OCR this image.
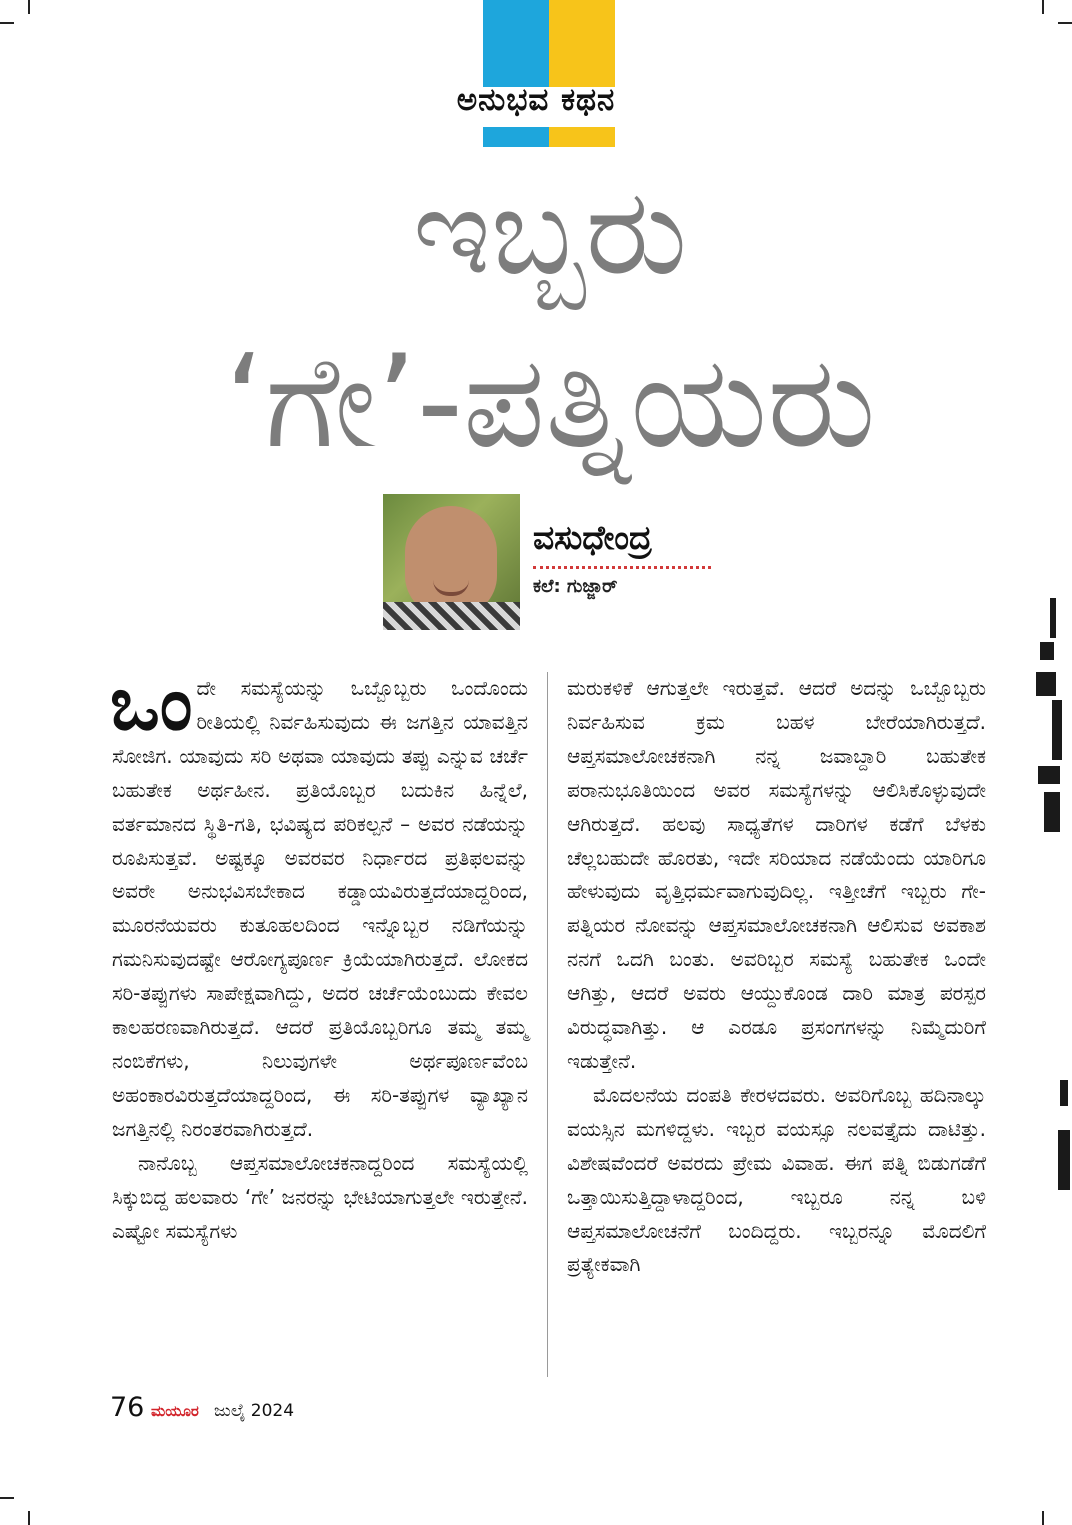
ಅನುಭವ ಕಥನ
ಇಬ್ಬರು
‘ಗೇ’-ಪತ್ನಿಯರು
ವಸುಧೇಂದ್ರ
ಕಲೆ: ಗುಜ್ಜಾರ್

ಒಂದೇ ಸಮಸ್ಯೆಯನ್ನು ಒಬ್ಬೊಬ್ಬರು ಒಂದೊಂದು ರೀತಿಯಲ್ಲಿ ನಿರ್ವಹಿಸುವುದು ಈ ಜಗತ್ತಿನ ಯಾವತ್ತಿನ ಸೋಜಿಗ. ಯಾವುದು ಸರಿ ಅಥವಾ ಯಾವುದು ತಪ್ಪು ಎನ್ನುವ ಚರ್ಚೆ ಬಹುತೇಕ ಅರ್ಥಹೀನ. ಪ್ರತಿಯೊಬ್ಬರ ಬದುಕಿನ ಹಿನ್ನೆಲೆ, ವರ್ತಮಾನದ ಸ್ಥಿತಿ-ಗತಿ, ಭವಿಷ್ಯದ ಪರಿಕಲ್ಪನೆ – ಅವರ ನಡೆಯನ್ನು ರೂಪಿಸುತ್ತವೆ. ಅಷ್ಟಕ್ಕೂ ಅವರವರ ನಿರ್ಧಾರದ ಪ್ರತಿಫಲವನ್ನು ಅವರೇ ಅನುಭವಿಸಬೇಕಾದ ಕಡ್ಡಾಯವಿರುತ್ತದೆಯಾದ್ದರಿಂದ, ಮೂರನೆಯವರು ಕುತೂಹಲದಿಂದ ಇನ್ನೊಬ್ಬರ ನಡಿಗೆಯನ್ನು ಗಮನಿಸುವುದಷ್ಟೇ ಆರೋಗ್ಯಪೂರ್ಣ ಕ್ರಿಯೆಯಾಗಿರುತ್ತದೆ. ಲೋಕದ ಸರಿ-ತಪ್ಪುಗಳು ಸಾಪೇಕ್ಷವಾಗಿದ್ದು, ಅದರ ಚರ್ಚೆಯೆಂಬುದು ಕೇವಲ ಕಾಲಹರಣವಾಗಿರುತ್ತದೆ. ಆದರೆ ಪ್ರತಿಯೊಬ್ಬರಿಗೂ ತಮ್ಮ ತಮ್ಮ ನಂಬಿಕೆಗಳು, ನಿಲುವುಗಳೇ ಅರ್ಥಪೂರ್ಣವೆಂಬ ಅಹಂಕಾರವಿರುತ್ತದೆಯಾದ್ದರಿಂದ, ಈ ಸರಿ-ತಪ್ಪುಗಳ ವ್ಯಾಖ್ಯಾನ ಜಗತ್ತಿನಲ್ಲಿ ನಿರಂತರವಾಗಿರುತ್ತದೆ.

ನಾನೊಬ್ಬ ಆಪ್ತಸಮಾಲೋಚಕನಾದ್ದರಿಂದ ಸಮಸ್ಯೆಯಲ್ಲಿ ಸಿಕ್ಕುಬಿದ್ದ ಹಲವಾರು ‘ಗೇ’ ಜನರನ್ನು ಭೇಟಿಯಾಗುತ್ತಲೇ ಇರುತ್ತೇನೆ. ಎಷ್ಟೋ ಸಮಸ್ಯೆಗಳು

ಮರುಕಳಿಕೆ ಆಗುತ್ತಲೇ ಇರುತ್ತವೆ. ಆದರೆ ಅದನ್ನು ಒಬ್ಬೊಬ್ಬರು ನಿರ್ವಹಿಸುವ ಕ್ರಮ ಬಹಳ ಬೇರೆಯಾಗಿರುತ್ತದೆ. ಆಪ್ತಸಮಾಲೋಚಕನಾಗಿ ನನ್ನ ಜವಾಬ್ದಾರಿ ಬಹುತೇಕ ಪರಾನುಭೂತಿಯಿಂದ ಅವರ ಸಮಸ್ಯೆಗಳನ್ನು ಆಲಿಸಿಕೊಳ್ಳುವುದೇ ಆಗಿರುತ್ತದೆ. ಹಲವು ಸಾಧ್ಯತೆಗಳ ದಾರಿಗಳ ಕಡೆಗೆ ಬೆಳಕು ಚೆಲ್ಲಬಹುದೇ ಹೊರತು, ಇದೇ ಸರಿಯಾದ ನಡೆಯೆಂದು ಯಾರಿಗೂ ಹೇಳುವುದು ವೃತ್ತಿಧರ್ಮವಾಗುವುದಿಲ್ಲ. ಇತ್ತೀಚೆಗೆ ಇಬ್ಬರು ಗೇ-ಪತ್ನಿಯರ ನೋವನ್ನು ಆಪ್ತಸಮಾಲೋಚಕನಾಗಿ ಆಲಿಸುವ ಅವಕಾಶ ನನಗೆ ಒದಗಿ ಬಂತು. ಅವರಿಬ್ಬರ ಸಮಸ್ಯೆ ಬಹುತೇಕ ಒಂದೇ ಆಗಿತ್ತು, ಆದರೆ ಅವರು ಆಯ್ದುಕೊಂಡ ದಾರಿ ಮಾತ್ರ ಪರಸ್ಪರ ವಿರುದ್ಧವಾಗಿತ್ತು. ಆ ಎರಡೂ ಪ್ರಸಂಗಗಳನ್ನು ನಿಮ್ಮೆದುರಿಗೆ ಇಡುತ್ತೇನೆ.

ಮೊದಲನೆಯ ದಂಪತಿ ಕೇರಳದವರು. ಅವರಿಗೊಬ್ಬ ಹದಿನಾಲ್ಕು ವಯಸ್ಸಿನ ಮಗಳಿದ್ದಳು. ಇಬ್ಬರ ವಯಸ್ಸೂ ನಲವತ್ತೈದು ದಾಟಿತ್ತು. ವಿಶೇಷವೆಂದರೆ ಅವರದು ಪ್ರೇಮ ವಿವಾಹ. ಈಗ ಪತ್ನಿ ಬಿಡುಗಡೆಗೆ ಒತ್ತಾಯಿಸುತ್ತಿದ್ದಾಳಾದ್ದರಿಂದ, ಇಬ್ಬರೂ ನನ್ನ ಬಳಿ ಆಪ್ತಸಮಾಲೋಚನೆಗೆ ಬಂದಿದ್ದರು. ಇಬ್ಬರನ್ನೂ ಮೊದಲಿಗೆ ಪ್ರತ್ಯೇಕವಾಗಿ

76 ಮಯೂರ ಜುಲೈ 2024
